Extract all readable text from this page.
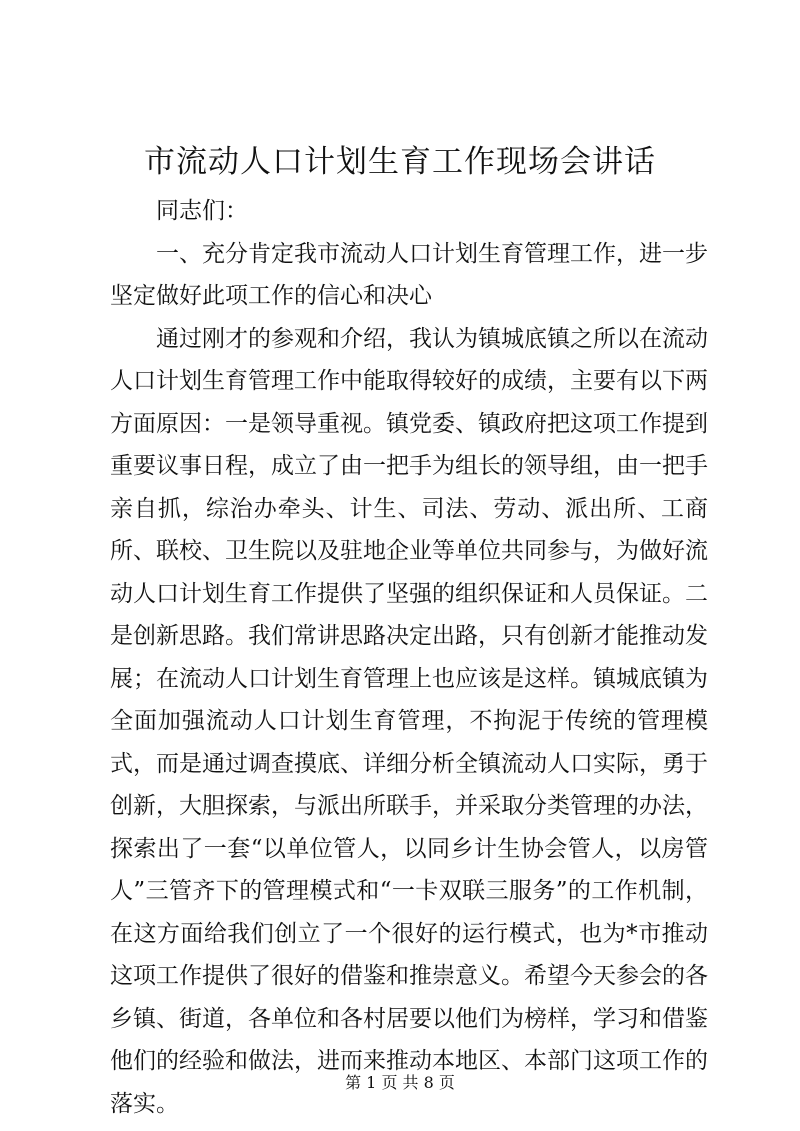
市流动人口计划生育工作现场会讲话

同志们：

一、充分肯定我市流动人口计划生育管理工作，进一步坚定做好此项工作的信心和决心

通过刚才的参观和介绍，我认为镇城底镇之所以在流动人口计划生育管理工作中能取得较好的成绩，主要有以下两方面原因：一是领导重视。镇党委、镇政府把这项工作提到重要议事日程，成立了由一把手为组长的领导组，由一把手亲自抓，综治办牵头、计生、司法、劳动、派出所、工商所、联校、卫生院以及驻地企业等单位共同参与，为做好流动人口计划生育工作提供了坚强的组织保证和人员保证。二是创新思路。我们常讲思路决定出路，只有创新才能推动发展；在流动人口计划生育管理上也应该是这样。镇城底镇为全面加强流动人口计划生育管理，不拘泥于传统的管理模式，而是通过调查摸底、详细分析全镇流动人口实际，勇于创新，大胆探索，与派出所联手，并采取分类管理的办法，探索出了一套“以单位管人，以同乡计生协会管人，以房管人”三管齐下的管理模式和“一卡双联三服务”的工作机制，在这方面给我们创立了一个很好的运行模式，也为*市推动这项工作提供了很好的借鉴和推崇意义。希望今天参会的各乡镇、街道，各单位和各村居要以他们为榜样，学习和借鉴他们的经验和做法，进而来推动本地区、本部门这项工作的落实。

第 1 页 共 8 页
